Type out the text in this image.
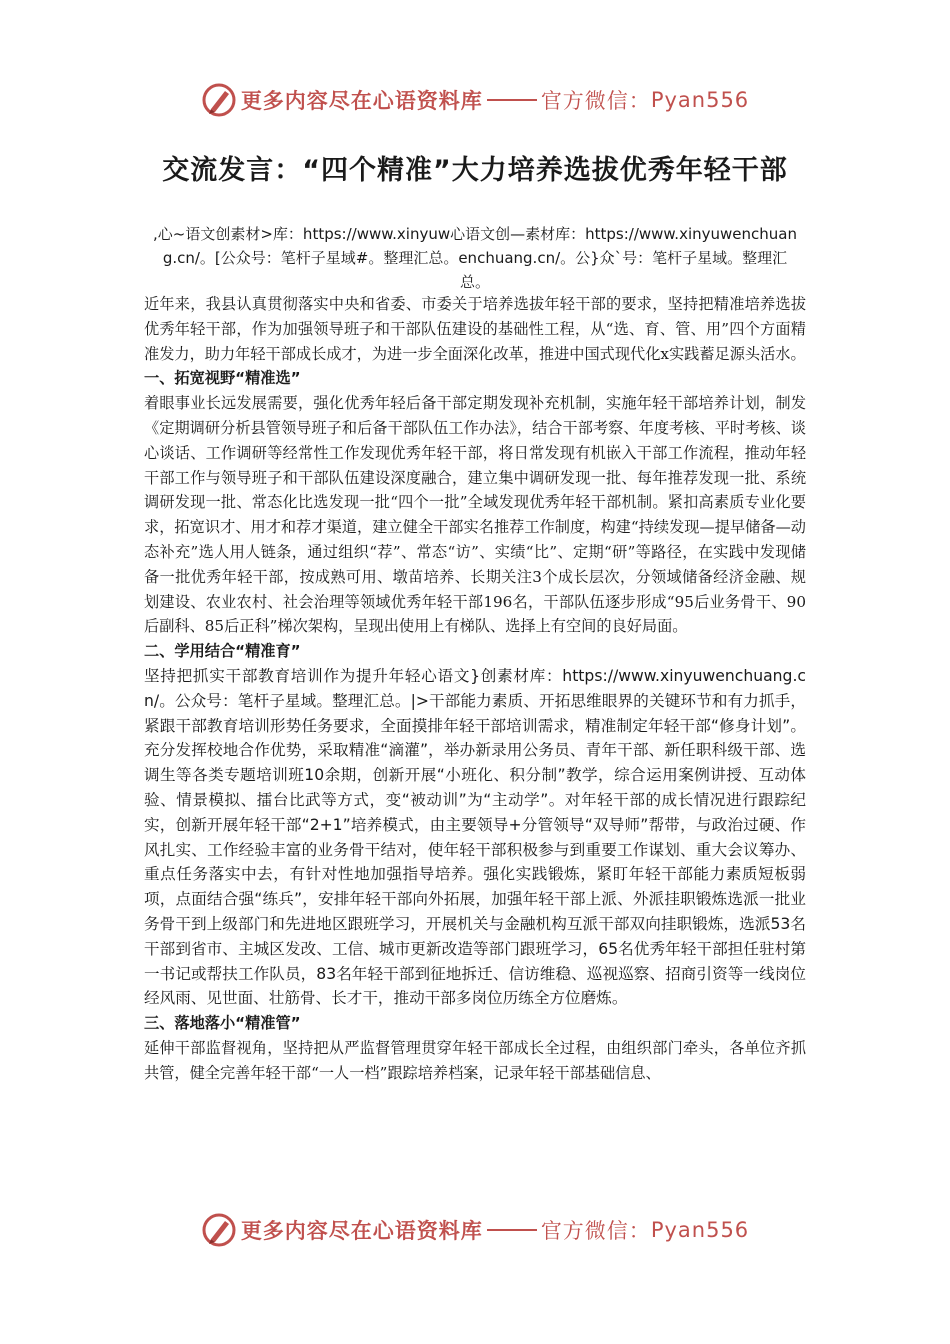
更多内容尽在心语资料库	官方微信： Pyan556
交流发言：“四个精准”大力培养选拔优秀年轻干部
,心~语文创素材>库：https://www.xinyuw心语文创—素材库：https://www.xinyuwenchuang.cn/。[公众号：笔杆子星域#。整理汇总。enchuang.cn/。公}众`号：笔杆子星域。整理汇总。

近年来，我县认真贯彻落实中央和省委、市委关于培养选拔年轻干部的要求，坚持把精准培养选拔优秀年轻干部，作为加强领导班子和干部队伍建设的基础性工程，从“选、育、管、用”四个方面精准发力，助力年轻干部成长成才，为进一步全面深化改革，推进中国式现代化x实践蓄足源头活水。

一、拓宽视野“精准选”

着眼事业长远发展需要，强化优秀年轻后备干部定期发现补充机制，实施年轻干部培养计划，制发《定期调研分析县管领导班子和后备干部队伍工作办法》，结合干部考察、年度考核、平时考核、谈心谈话、工作调研等经常性工作发现优秀年轻干部，将日常发现有机嵌入干部工作流程，推动年轻干部工作与领导班子和干部队伍建设深度融合，建立集中调研发现一批、每年推荐发现一批、系统调研发现一批、常态化比选发现一批“四个一批”全域发现优秀年轻干部机制。紧扣高素质专业化要求，拓宽识才、用才和荐才渠道，建立健全干部实名推荐工作制度，构建“持续发现—提早储备—动态补充”选人用人链条，通过组织“荐”、常态“访”、实绩“比”、定期“研”等路径，在实践中发现储备一批优秀年轻干部，按成熟可用、墩苗培养、长期关注3个成长层次，分领域储备经济金融、规划建设、农业农村、社会治理等领域优秀年轻干部196名，干部队伍逐步形成“95后业务骨干、90后副科、85后正科”梯次架构，呈现出使用上有梯队、选择上有空间的良好局面。

二、学用结合“精准育”

坚持把抓实干部教育培训作为提升年轻心语文}创素材库：https://www.xinyuwenchuang.cn/。公众号：笔杆子星域。整理汇总。|>干部能力素质、开拓思维眼界的关键环节和有力抓手，紧跟干部教育培训形势任务要求，全面摸排年轻干部培训需求，精准制定年轻干部“修身计划”。充分发挥校地合作优势，采取精准“滴灌”，举办新录用公务员、青年干部、新任职科级干部、选调生等各类专题培训班10余期，创新开展“小班化、积分制”教学，综合运用案例讲授、互动体验、情景模拟、擂台比武等方式，变“被动训”为“主动学”。对年轻干部的成长情况进行跟踪纪实，创新开展年轻干部“2+1”培养模式，由主要领导+分管领导“双导师”帮带，与政治过硬、作风扎实、工作经验丰富的业务骨干结对，使年轻干部积极参与到重要工作谋划、重大会议筹办、重点任务落实中去，有针对性地加强指导培养。强化实践锻炼，紧盯年轻干部能力素质短板弱项，点面结合强“练兵”，安排年轻干部向外拓展，加强年轻干部上派、外派挂职锻炼选派一批业务骨干到上级部门和先进地区跟班学习，开展机关与金融机构互派干部双向挂职锻炼，选派53名干部到省市、主城区发改、工信、城市更新改造等部门跟班学习，65名优秀年轻干部担任驻村第一书记或帮扶工作队员，83名年轻干部到征地拆迁、信访维稳、巡视巡察、招商引资等一线岗位经风雨、见世面、壮筋骨、长才干，推动干部多岗位历练全方位磨炼。

三、落地落小“精准管”

延伸干部监督视角，坚持把从严监督管理贯穿年轻干部成长全过程，由组织部门牵头，各单位齐抓共管，健全完善年轻干部“一人一档”跟踪培养档案，记录年轻干部基础信息、

更多内容尽在心语资料库	官方微信： Pyan556
